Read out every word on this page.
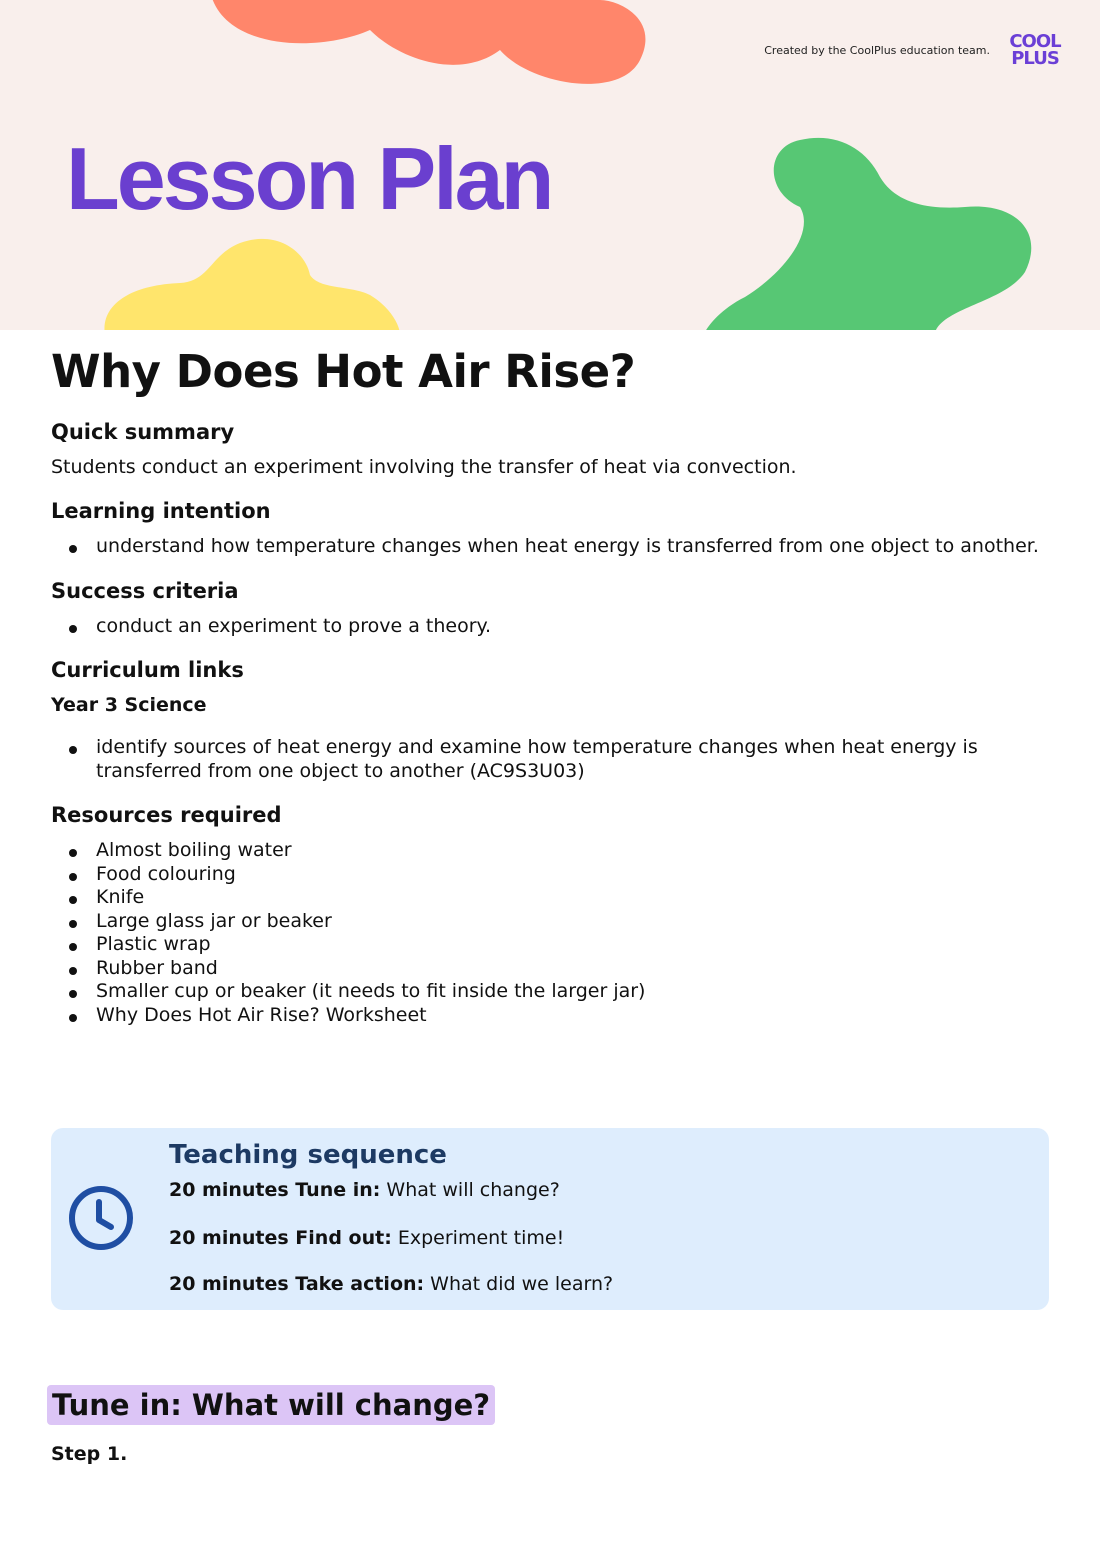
Created by the CoolPlus education team. COOL
PLUS
Lesson Plan
Why Does Hot Air Rise?
Quick summary

Students conduct an experiment involving the transfer of heat via convection.

Learning intention
understand how temperature changes when heat energy is transferred from one object to another.
Success criteria
conduct an experiment to prove a theory.
Curriculum links
Year 3 Science
identify sources of heat energy and examine how temperature changes when heat energy is transferred from one object to another (AC9S3U03)
Resources required
Almost boiling water
Food colouring
Knife
Large glass jar or beaker
Plastic wrap
Rubber band
Smaller cup or beaker (it needs to fit inside the larger jar)
Why Does Hot Air Rise? Worksheet
Teaching sequence
20 minutes Tune in: What will change?
20 minutes Find out: Experiment time!
20 minutes Take action: What did we learn?
Tune in: What will change?

Step 1.
